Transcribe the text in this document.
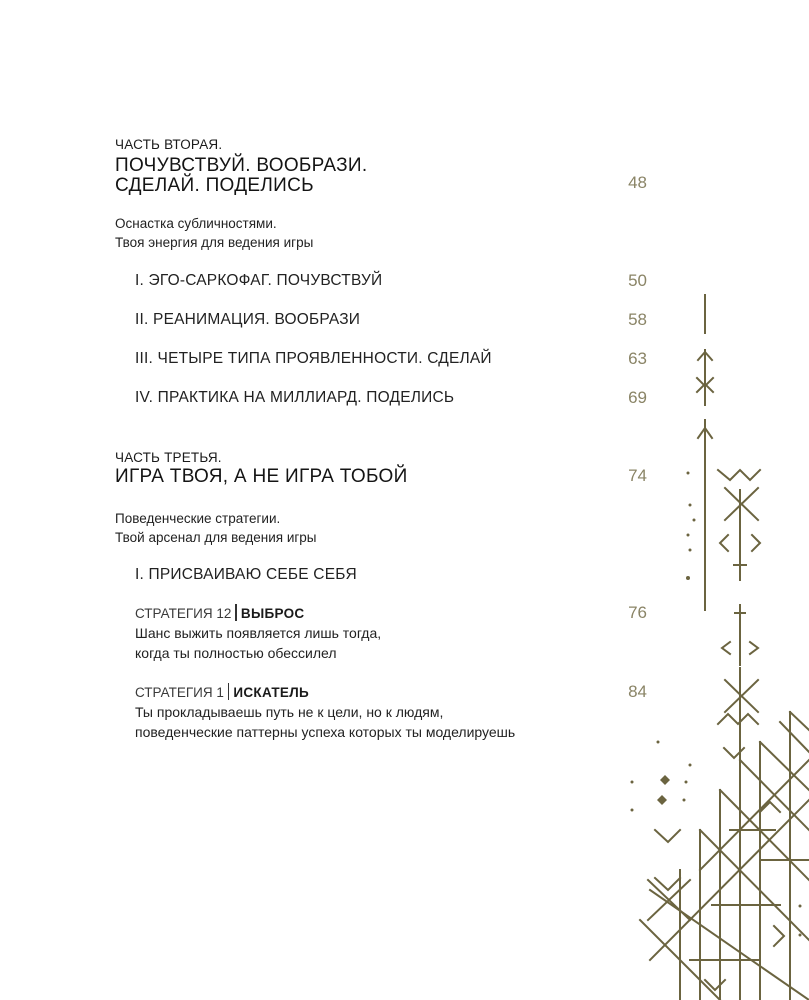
ЧАСТЬ ВТОРАЯ.
ПОЧУВСТВУЙ. ВООБРАЗИ.
СДЕЛАЙ. ПОДЕЛИСЬ	48
Оснастка субличностями.
Твоя энергия для ведения игры
I. ЭГО-САРКОФАГ. ПОЧУВСТВУЙ	50
II. РЕАНИМАЦИЯ. ВООБРАЗИ	58
III. ЧЕТЫРЕ ТИПА ПРОЯВЛЕННОСТИ. СДЕЛАЙ	63
IV. ПРАКТИКА НА МИЛЛИАРД. ПОДЕЛИСЬ	69
ЧАСТЬ ТРЕТЬЯ.
ИГРА ТВОЯ, А НЕ ИГРА ТОБОЙ	74
Поведенческие стратегии.
Твой арсенал для ведения игры
I. ПРИСВАИВАЮ СЕБЕ СЕБЯ
СТРАТЕГИЯ 12 ВЫБРОС	76
Шанс выжить появляется лишь тогда,
когда ты полностью обессилел
СТРАТЕГИЯ 1 ИСКАТЕЛЬ	84
Ты прокладываешь путь не к цели, но к людям,
поведенческие паттерны успеха которых ты моделируешь
